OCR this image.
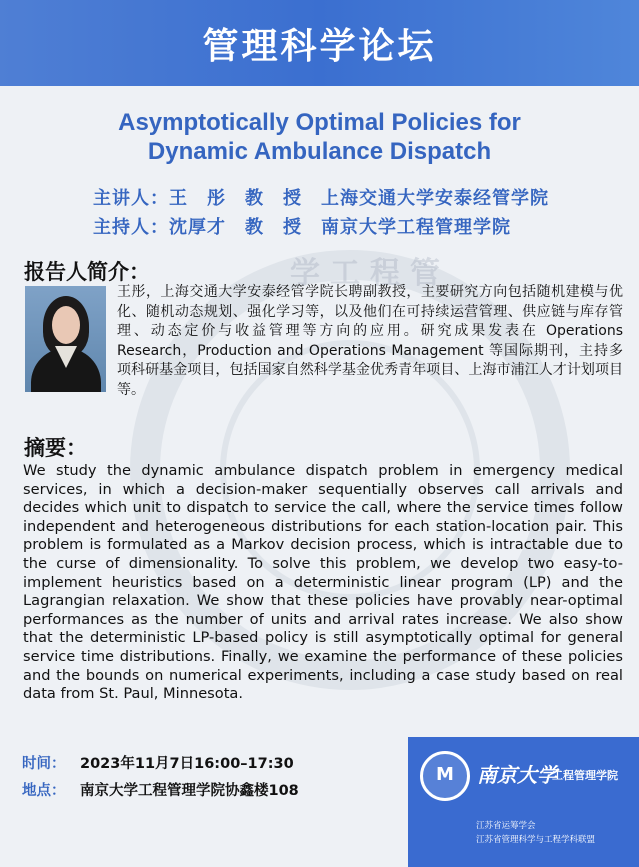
管理科学论坛
学工程管
Asymptotically Optimal Policies for
Dynamic Ambulance Dispatch
主讲人：王　彤　教　授　上海交通大学安泰经管学院
主持人：沈厚才　教　授　南京大学工程管理学院
报告人简介：
王彤，上海交通大学安泰经管学院长聘副教授，主要研究方向包括随机建模与优化、随机动态规划、强化学习等，以及他们在可持续运营管理、供应链与库存管理、动态定价与收益管理等方向的应用。研究成果发表在 Operations Research，Production and Operations Management 等国际期刊，主持多项科研基金项目，包括国家自然科学基金优秀青年项目、上海市浦江人才计划项目等。
摘要：
We study the dynamic ambulance dispatch problem in emergency medical services, in which a decision-maker sequentially observes call arrivals and decides which unit to dispatch to service the call, where the service times follow independent and heterogeneous distributions for each station-location pair. This problem is formulated as a Markov decision process, which is intractable due to the curse of dimensionality. To solve this problem, we develop two easy-to-implement heuristics based on a deterministic linear program (LP) and the Lagrangian relaxation. We show that these policies have provably near-optimal performances as the number of units and arrival rates increase. We also show that the deterministic LP-based policy is still asymptotically optimal for general service time distributions. Finally, we examine the performance of these policies and the bounds on numerical experiments, including a case study based on real data from St. Paul, Minnesota.
时间： 2023年11月7日16:00–17:30
地点： 南京大学工程管理学院协鑫楼108
M	南京大学
工程管理学院
江苏省运筹学会
江苏省管理科学与工程学科联盟
